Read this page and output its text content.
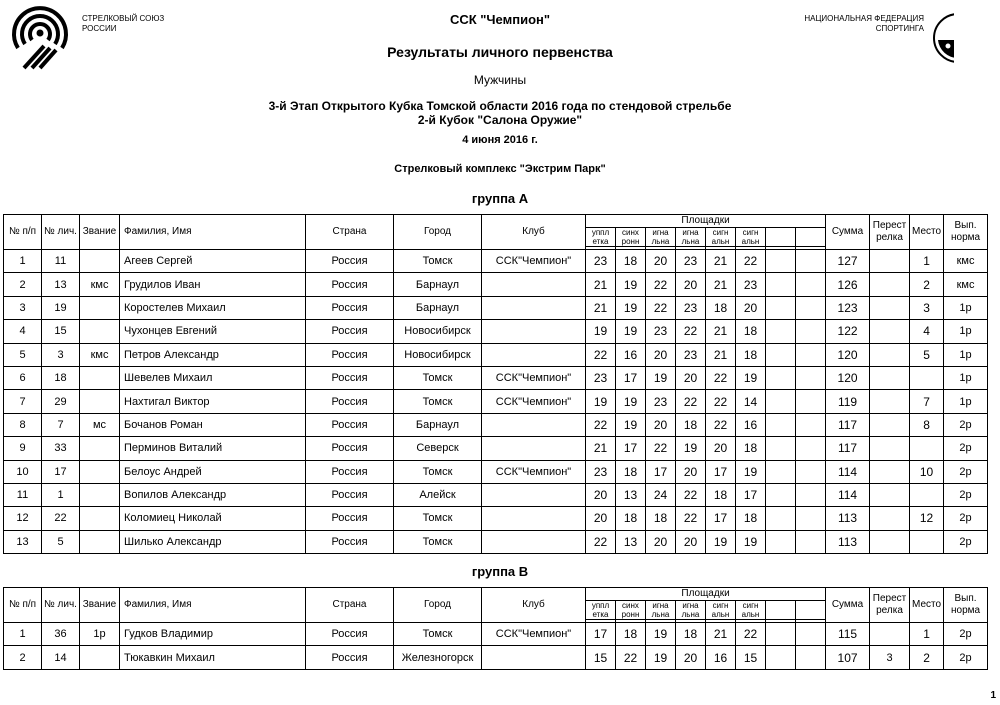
СТРЕЛКОВЫЙ СОЮЗ
РОССИИ
НАЦИОНАЛЬНАЯ ФЕДЕРАЦИЯ
СПОРТИНГА
ССК "Чемпион"
Результаты личного первенства
Мужчины
3-й Этап Открытого Кубка Томской области 2016 года по стендовой стрельбе
2-й Кубок "Салона Оружие"
4 июня 2016 г.
Стрелковый комплекс "Экстрим Парк"
группа А
№ п/п	№ лич.	Звание	Фамилия, Имя	Страна	Город	Клуб	Площадки								Сумма	Перест релка	Место	Вып. норма
							уппл етка	синх ронн	игна льна	игна льна	сигн альн	сигн альн						

1	11		Агеев Сергей	Россия	Томск	ССК"Чемпион"	23	18	20	23	21	22			127		1	кмс
2	13	кмс	Грудилов Иван	Россия	Барнаул		21	19	22	20	21	23			126		2	кмс
3	19		Коростелев Михаил	Россия	Барнаул		21	19	22	23	18	20			123		3	1р
4	15		Чухонцев Евгений	Россия	Новосибирск		19	19	23	22	21	18			122		4	1р
5	3	кмс	Петров Александр	Россия	Новосибирск		22	16	20	23	21	18			120		5	1р
6	18		Шевелев Михаил	Россия	Томск	ССК"Чемпион"	23	17	19	20	22	19			120			1р
7	29		Нахтигал Виктор	Россия	Томск	ССК"Чемпион"	19	19	23	22	22	14			119		7	1р
8	7	мс	Бочанов Роман	Россия	Барнаул		22	19	20	18	22	16			117		8	2р
9	33		Перминов Виталий	Россия	Северск		21	17	22	19	20	18			117			2р
10	17		Белоус Андрей	Россия	Томск	ССК"Чемпион"	23	18	17	20	17	19			114		10	2р
11	1		Вопилов Александр	Россия	Алейск		20	13	24	22	18	17			114			2р
12	22		Коломиец Николай	Россия	Томск		20	18	18	22	17	18			113		12	2р
13	5		Шилько Александр	Россия	Томск		22	13	20	20	19	19			113			2р
группа В
№ п/п	№ лич.	Звание	Фамилия, Имя	Страна	Город	Клуб	Площадки								Сумма	Перест релка	Место	Вып. норма
							уппл етка	синх ронн	игна льна	игна льна	сигн альн	сигн альн						

1	36	1р	Гудков Владимир	Россия	Томск	ССК"Чемпион"	17	18	19	18	21	22			115		1	2р
2	14		Тюкавкин Михаил	Россия	Железногорск		15	22	19	20	16	15			107	3	2	2р
1
